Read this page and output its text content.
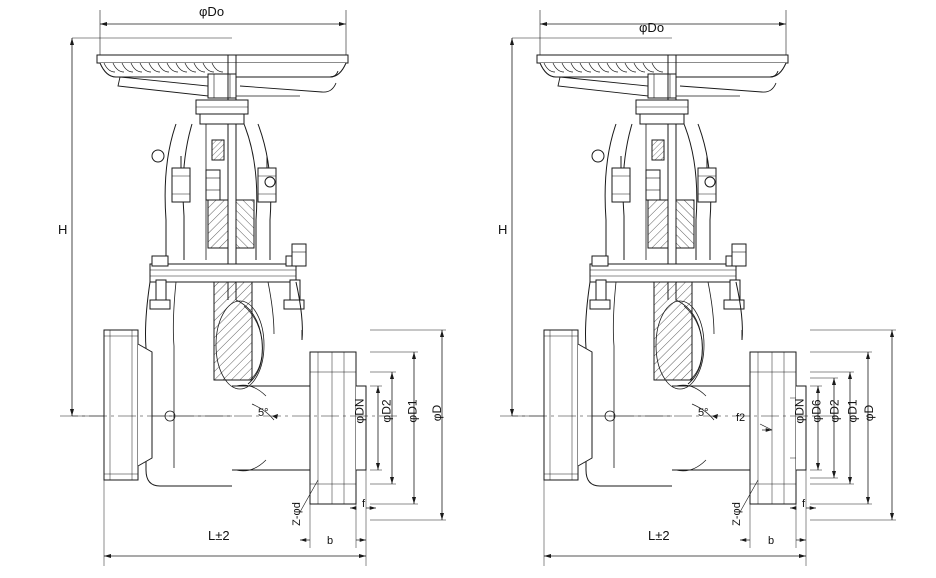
φDo
H
L±2
φDN φD2 φD1 φD
Z-φd
b
f
5°
φDo
H
L±2
φDN φD6 φD2 φD1 φD
Z-φd
b
f
f2
5°
